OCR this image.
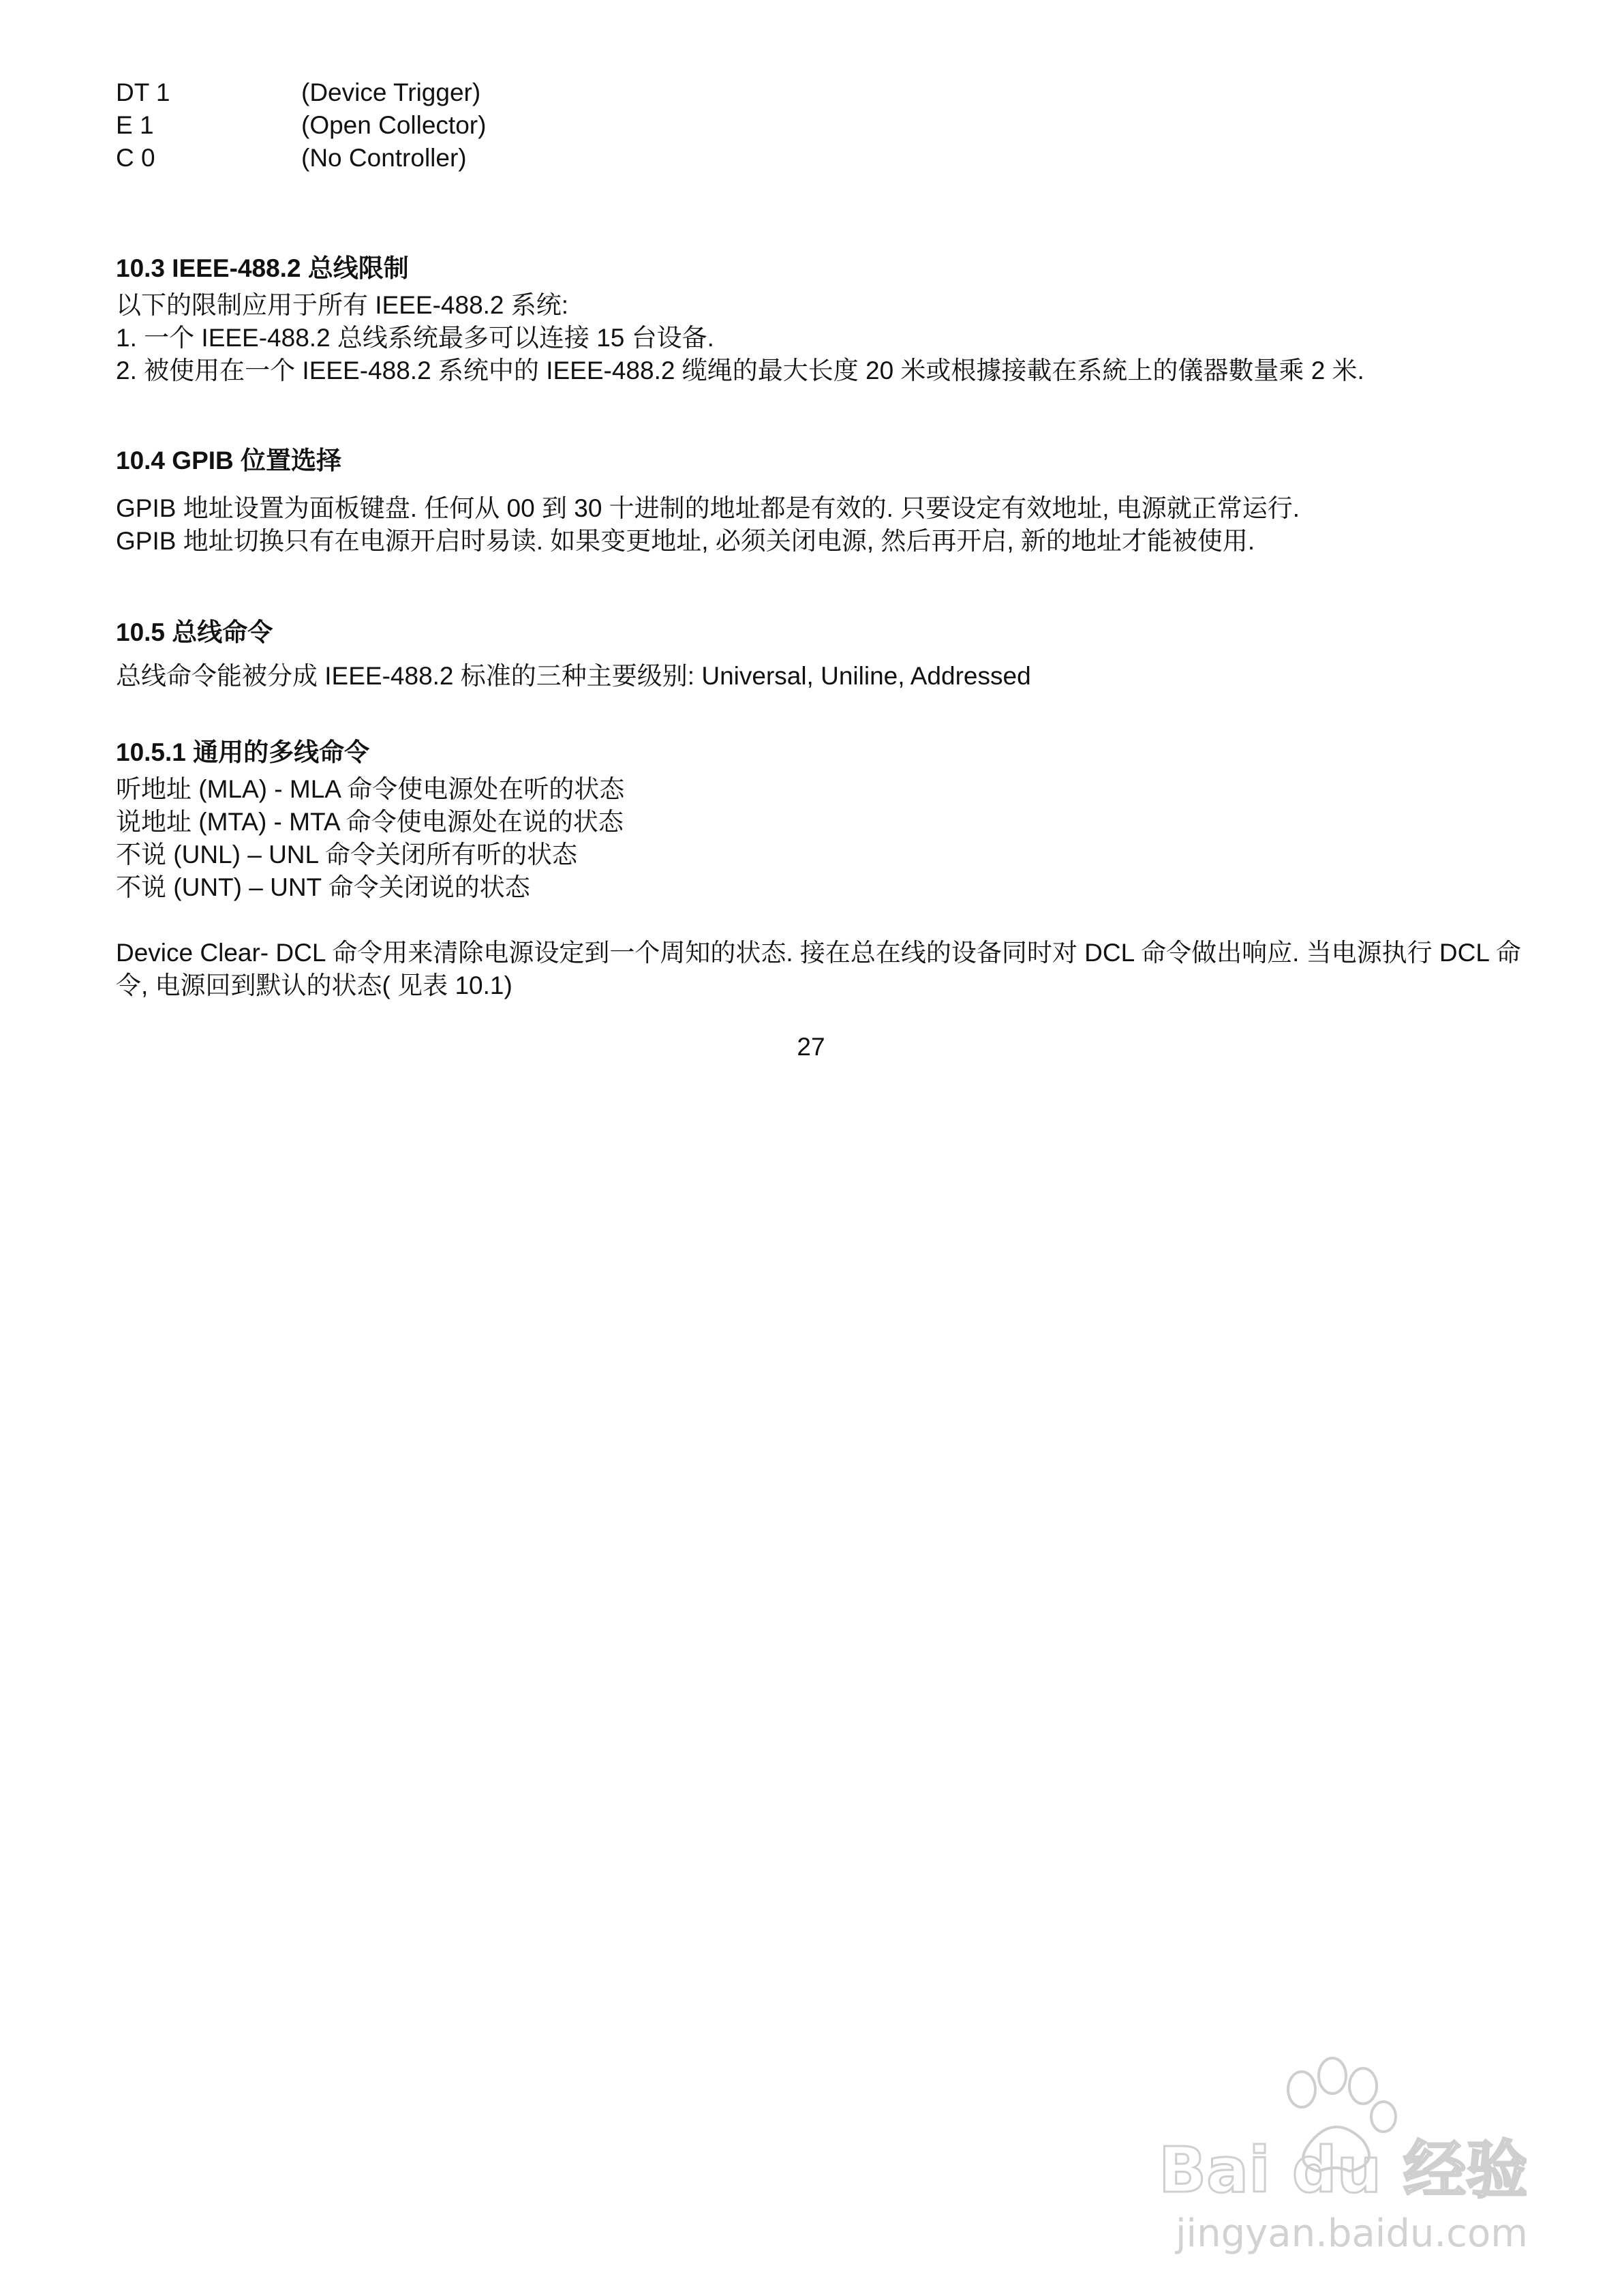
DT 1	(Device Trigger)
E 1	(Open Collector)
C 0	(No Controller)
10.3 IEEE-488.2 总线限制
以下的限制应用于所有 IEEE-488.2 系统:
1. 一个 IEEE-488.2 总线系统最多可以连接 15 台设备.
2. 被使用在一个 IEEE-488.2 系统中的 IEEE-488.2 缆绳的最大长度 20 米或根據接載在系統上的儀器數量乘 2 米.
10.4 GPIB 位置选择
GPIB 地址设置为面板键盘. 任何从 00 到 30 十进制的地址都是有效的. 只要设定有效地址, 电源就正常运行.
GPIB 地址切换只有在电源开启时易读. 如果变更地址, 必须关闭电源, 然后再开启, 新的地址才能被使用.
10.5 总线命令
总线命令能被分成 IEEE-488.2 标准的三种主要级别: Universal, Uniline, Addressed
10.5.1 通用的多线命令
听地址 (MLA) - MLA 命令使电源处在听的状态
说地址 (MTA) - MTA 命令使电源处在说的状态
不说 (UNL) – UNL 命令关闭所有听的状态
不说 (UNT) – UNT 命令关闭说的状态
Device Clear- DCL 命令用来清除电源设定到一个周知的状态. 接在总在线的设备同时对 DCL 命令做出响应. 当电源执行 DCL 命令, 电源回到默认的状态( 见表 10.1)
27
Bai du 经验
jingyan.baidu.com
